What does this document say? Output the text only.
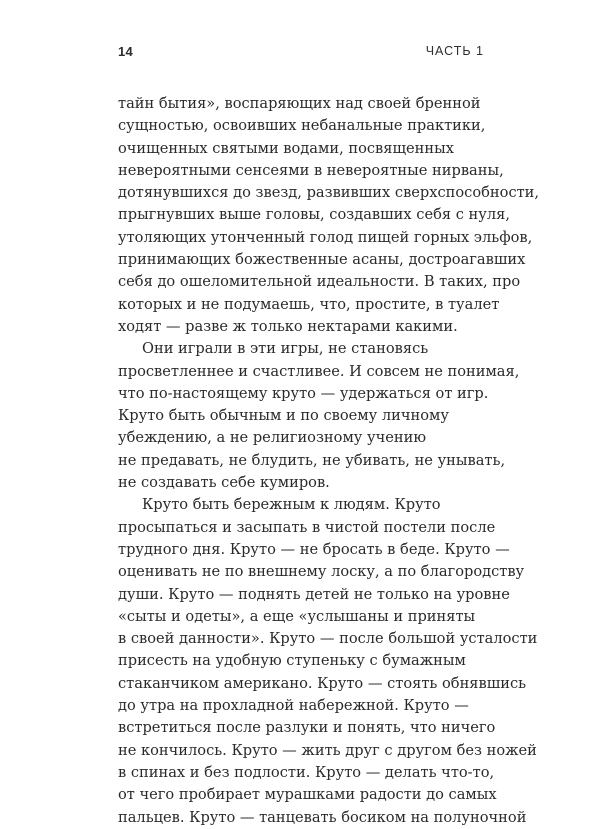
14	ЧАСТЬ 1

тайн бытия», воспаряющих над своей бренной
сущностью, освоивших небанальные практики,
очищенных святыми водами, посвященных
невероятными сенсеями в невероятные нирваны,
дотянувшихся до звезд, развивших сверхспособности,
прыгнувших выше головы, создавших себя с нуля,
утоляющих утонченный голод пищей горных эльфов,
принимающих божественные асаны, достроагавших
себя до ошеломительной идеальности. В таких, про
которых и не подумаешь, что, простите, в туалет
ходят — разве ж только нектарами какими.

Они играли в эти игры, не становясь
просветленнее и счастливее. И совсем не понимая,
что по-настоящему круто — удержаться от игр.
Круто быть обычным и по своему личному
убеждению, а не религиозному учению
не предавать, не блудить, не убивать, не унывать,
не создавать себе кумиров.

Круто быть бережным к людям. Круто
просыпаться и засыпать в чистой постели после
трудного дня. Круто — не бросать в беде. Круто —
оценивать не по внешнему лоску, а по благородству
души. Круто — поднять детей не только на уровне
«сыты и одеты», а еще «услышаны и приняты
в своей данности». Круто — после большой усталости
присесть на удобную ступеньку с бумажным
стаканчиком американо. Круто — стоять обнявшись
до утра на прохладной набережной. Круто —
встретиться после разлуки и понять, что ничего
не кончилось. Круто — жить друг с другом без ножей
в спинах и без подлости. Круто — делать что-то,
от чего пробирает мурашками радости до самых
пальцев. Круто — танцевать босиком на полуночной
